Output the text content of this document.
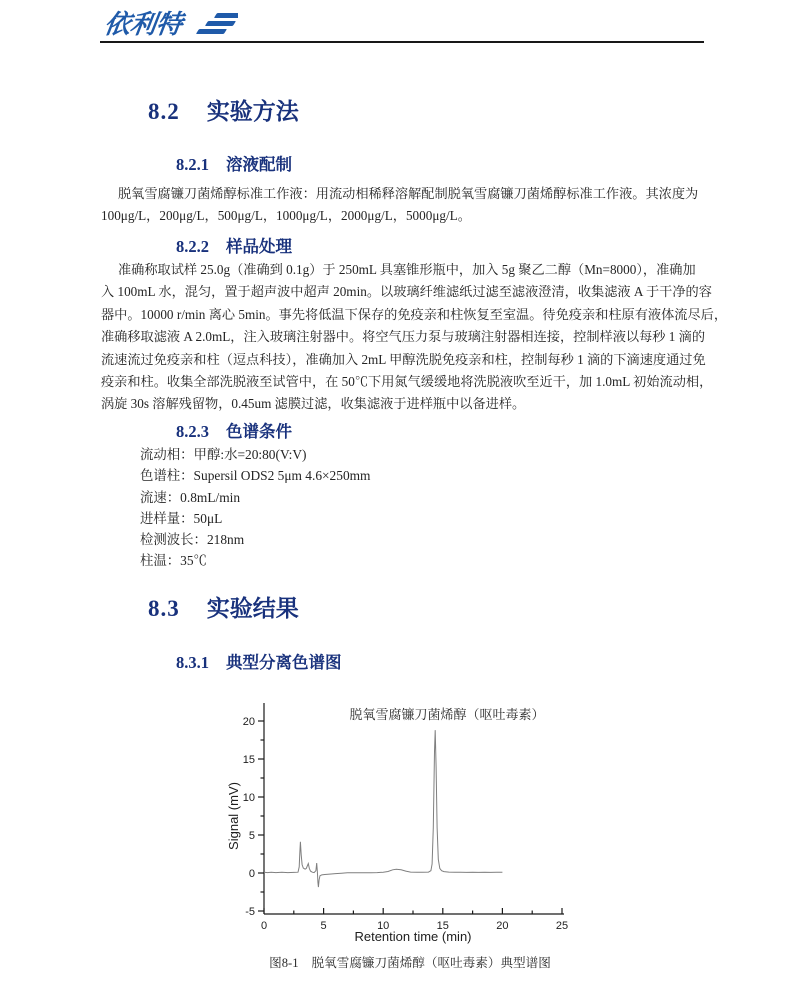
依利特
8.2 实验方法
8.2.1 溶液配制
脱氧雪腐镰刀菌烯醇标准工作液：用流动相稀释溶解配制脱氧雪腐镰刀菌烯醇标准工作液。其浓度为
100μg/L，200μg/L，500μg/L，1000μg/L，2000μg/L，5000μg/L。
8.2.2 样品处理
准确称取试样 25.0g（准确到 0.1g）于 250mL 具塞锥形瓶中，加入 5g 聚乙二醇（Mn=8000），准确加
入 100mL 水，混匀，置于超声波中超声 20min。以玻璃纤维滤纸过滤至滤液澄清，收集滤液 A 于干净的容
器中。10000 r/min 离心 5min。事先将低温下保存的免疫亲和柱恢复至室温。待免疫亲和柱原有液体流尽后，
准确移取滤液 A 2.0mL，注入玻璃注射器中。将空气压力泵与玻璃注射器相连接，控制样液以每秒 1 滴的
流速流过免疫亲和柱（逗点科技），准确加入 2mL 甲醇洗脱免疫亲和柱，控制每秒 1 滴的下滴速度通过免
疫亲和柱。收集全部洗脱液至试管中，在 50℃下用氮气缓缓地将洗脱液吹至近干，加 1.0mL 初始流动相，
涡旋 30s 溶解残留物，0.45um 滤膜过滤，收集滤液于进样瓶中以备进样。
8.2.3 色谱条件
流动相：甲醇:水=20:80(V:V)
色谱柱：Supersil ODS2 5μm 4.6×250mm
流速：0.8mL/min
进样量：50μL
检测波长：218nm
柱温：35℃
8.3 实验结果
8.3.1 典型分离色谱图
0	5	10	15	20	25
-5
0
5
10
15
20
Retention time (min)
Signal (mV)
脱氧雪腐镰刀菌烯醇（呕吐毒素）
图8-1 脱氧雪腐镰刀菌烯醇（呕吐毒素）典型谱图
